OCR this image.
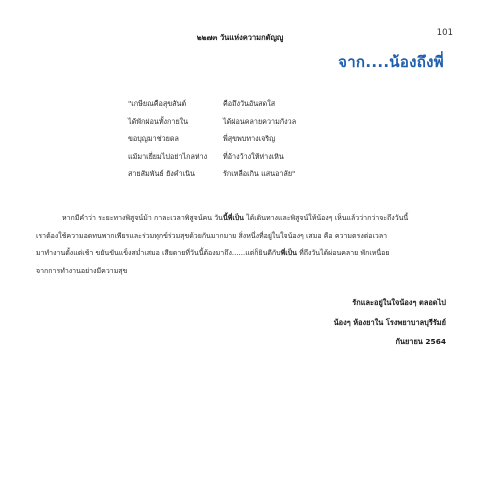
๒๒๗๓ วันแห่งความกตัญญู	101
จาก....น้องถึงพี่
"เกษียณคือสุขสันต์	คือถึงวันอันสดใส
ได้พักผ่อนทั้งกายใน	ได้ผ่อนคลายความกังวล
ขอบุญมาช่วยดล	พี่สุขพบทางเจริญ
แม้มาเยี่ยมไปอย่าไกลห่าง	ที่อ้างว้างให้ห่างเหิน
สายสัมพันธ์ ยังคำเนิน	รักเหลือเกิน แสนอาลัย"

หากมีคำว่า ระยะทางพิสูจน์ม้า กาละเวลาพิสูจน์คน วันนี้พี่เป็น ได้เดินทางและพิสูจน์ให้น้องๆ เห็นแล้วว่ากว่าจะถึงวันนี้

เราต้องใช้ความอดทนพากเพียรและร่วมทุกข์ร่วมสุขด้วยกันมากมาย สิ่งหนึ่งที่อยู่ในใจน้องๆ เสมอ คือ ความตรงต่อเวลา

มาทำงานตั้งแต่เช้า ขยันขันแข็งสม่ำเสมอ เสียดายที่วันนี้ต้องมาถึง......แต่ก็ยินดีกับพี่เป็น ที่ถึงวันได้ผ่อนคลาย พักเหนื่อย

จากการทำงานอย่างมีความสุข

รักและอยู่ในใจน้องๆ ตลอดไป
น้องๆ ห้องยาใน โรงพยาบาลบุรีรัมย์
กันยายน 2564
